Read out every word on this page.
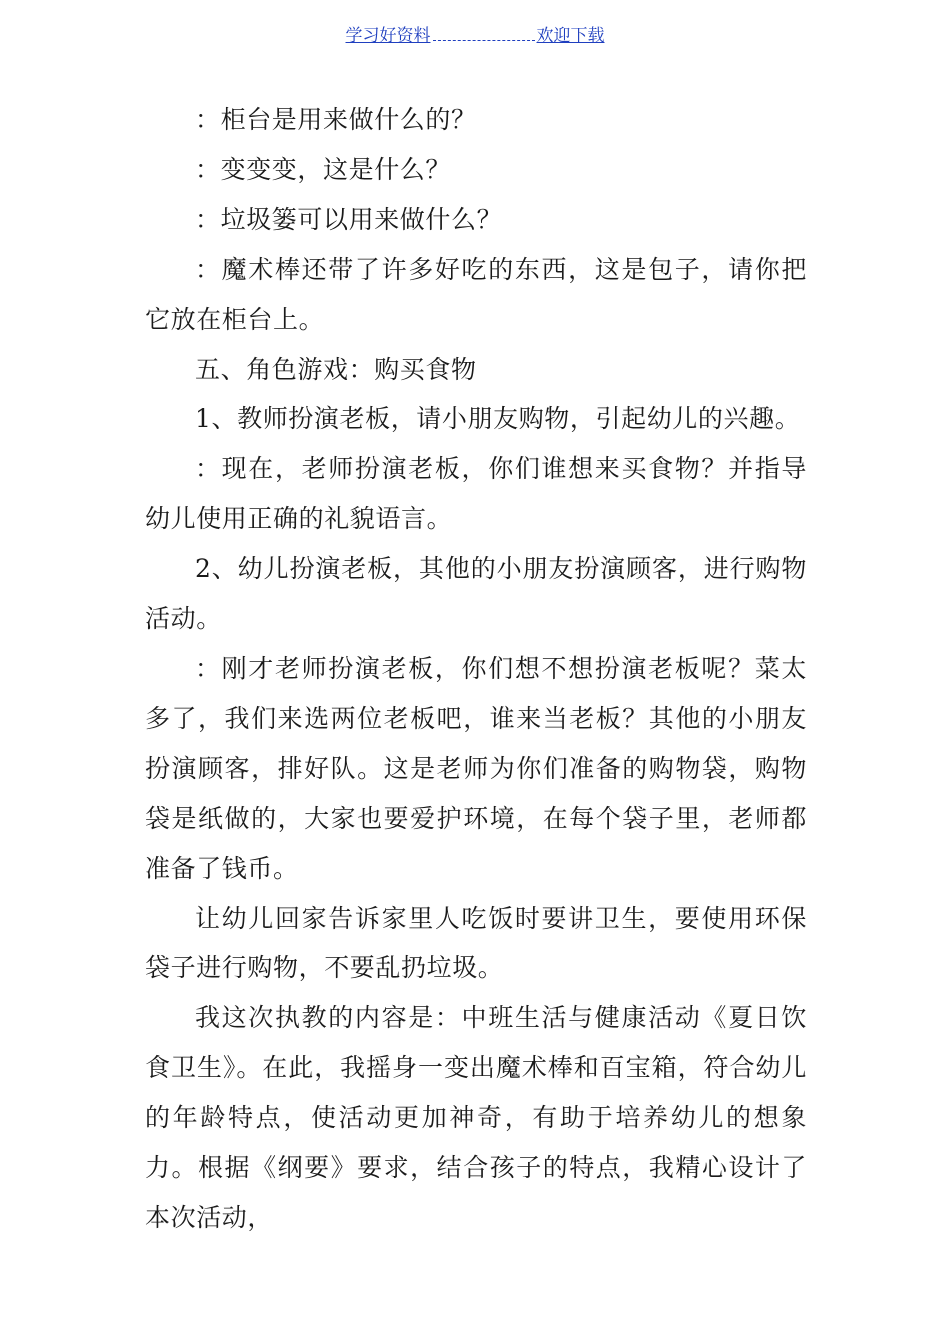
学习好资料	欢迎下载

：柜台是用来做什么的？

：变变变，这是什么？

：垃圾篓可以用来做什么？

：魔术棒还带了许多好吃的东西，这是包子，请你把它放在柜台上。

五、角色游戏：购买食物

1、教师扮演老板，请小朋友购物，引起幼儿的兴趣。

：现在，老师扮演老板，你们谁想来买食物？并指导幼儿使用正确的礼貌语言。

2、幼儿扮演老板，其他的小朋友扮演顾客，进行购物活动。

：刚才老师扮演老板，你们想不想扮演老板呢？菜太多了，我们来选两位老板吧，谁来当老板？其他的小朋友扮演顾客，排好队。这是老师为你们准备的购物袋，购物袋是纸做的，大家也要爱护环境，在每个袋子里，老师都准备了钱币。

让幼儿回家告诉家里人吃饭时要讲卫生，要使用环保袋子进行购物，不要乱扔垃圾。

我这次执教的内容是：中班生活与健康活动《夏日饮食卫生》。在此，我摇身一变出魔术棒和百宝箱，符合幼儿的年龄特点，使活动更加神奇，有助于培养幼儿的想象力。根据《纲要》要求，结合孩子的特点，我精心设计了本次活动，
